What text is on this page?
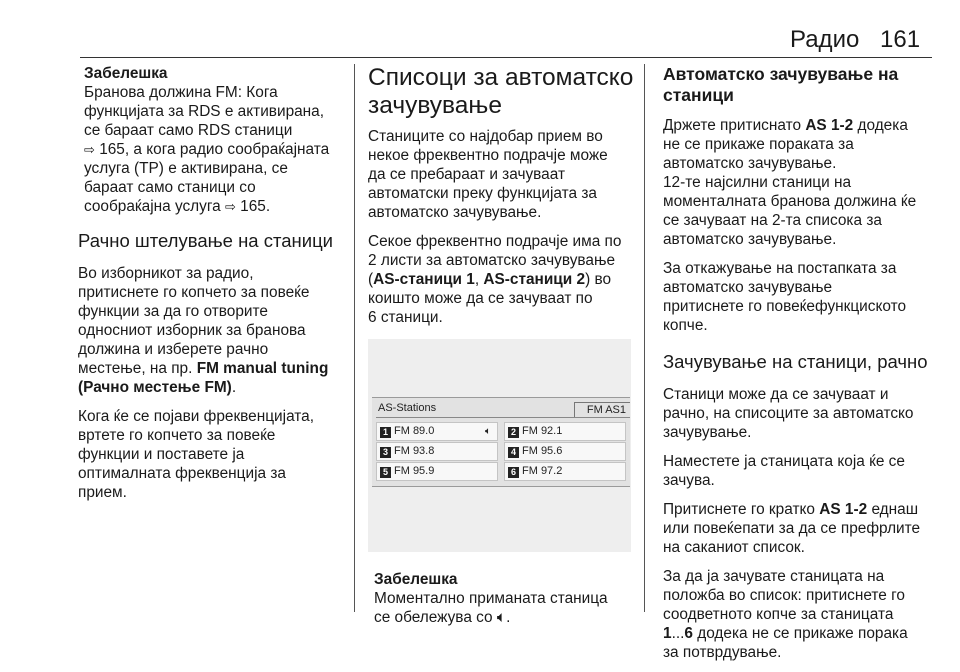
Радио 161

Забелешка
Бранова должина FM: Кога
функцијата за RDS е активирана,
се бараат само RDS станици
⇨ 165, а кога радио сообраќајната
услуга (TP) е активирана, се
бараат само станици со
сообраќајна услуга ⇨ 165.

Рачно штелување на станици

Во изборникот за радио,
притиснете го копчето за повеќе
функции за да го отворите
односниот изборник за бранова
должина и изберете рачно
местење, на пр. FM manual tuning
(Рачно местење FM).

Кога ќе се појави фреквенцијата,
вртете го копчето за повеќе
функции и поставете ја
оптималната фреквенција за
прием.

Списоци за автоматско
зачувување

Станиците со најдобар прием во
некое фреквентно подрачје може
да се пребараат и зачуваат
автоматски преку функцијата за
автоматско зачувување.

Секое фреквентно подрачје има по
2 листи за автоматско зачувување
(AS-станици 1, AS-станици 2) во
коишто може да се зачуваат по
6 станици.

AS-Stations	FM AS1
1 FM 89.0	🔈︎	2 FM 92.1
3 FM 93.8	4 FM 95.6
5 FM 95.9	6 FM 97.2

Забелешка
Моментално приманата станица
се обележува со 🔈︎.

Автоматско зачувување на
станици

Држете притиснато AS 1-2 додека
не се прикаже пораката за
автоматско зачувување.
12-те најсилни станици на
моменталната бранова должина ќе
се зачуваат на 2-та списока за
автоматско зачувување.

За откажување на постапката за
автоматско зачувување
притиснете го повеќефункциското
копче.

Зачувување на станици, рачно

Станици може да се зачуваат и
рачно, на списоците за автоматско
зачувување.

Наместете ја станицата која ќе се
зачува.

Притиснете го кратко AS 1-2 еднаш
или повеќепати за да се префрлите
на саканиот список.

За да ја зачувате станицата на
положба во список: притиснете го
соодветното копче за станицата
1...6 додека не се прикаже порака
за потврдување.
